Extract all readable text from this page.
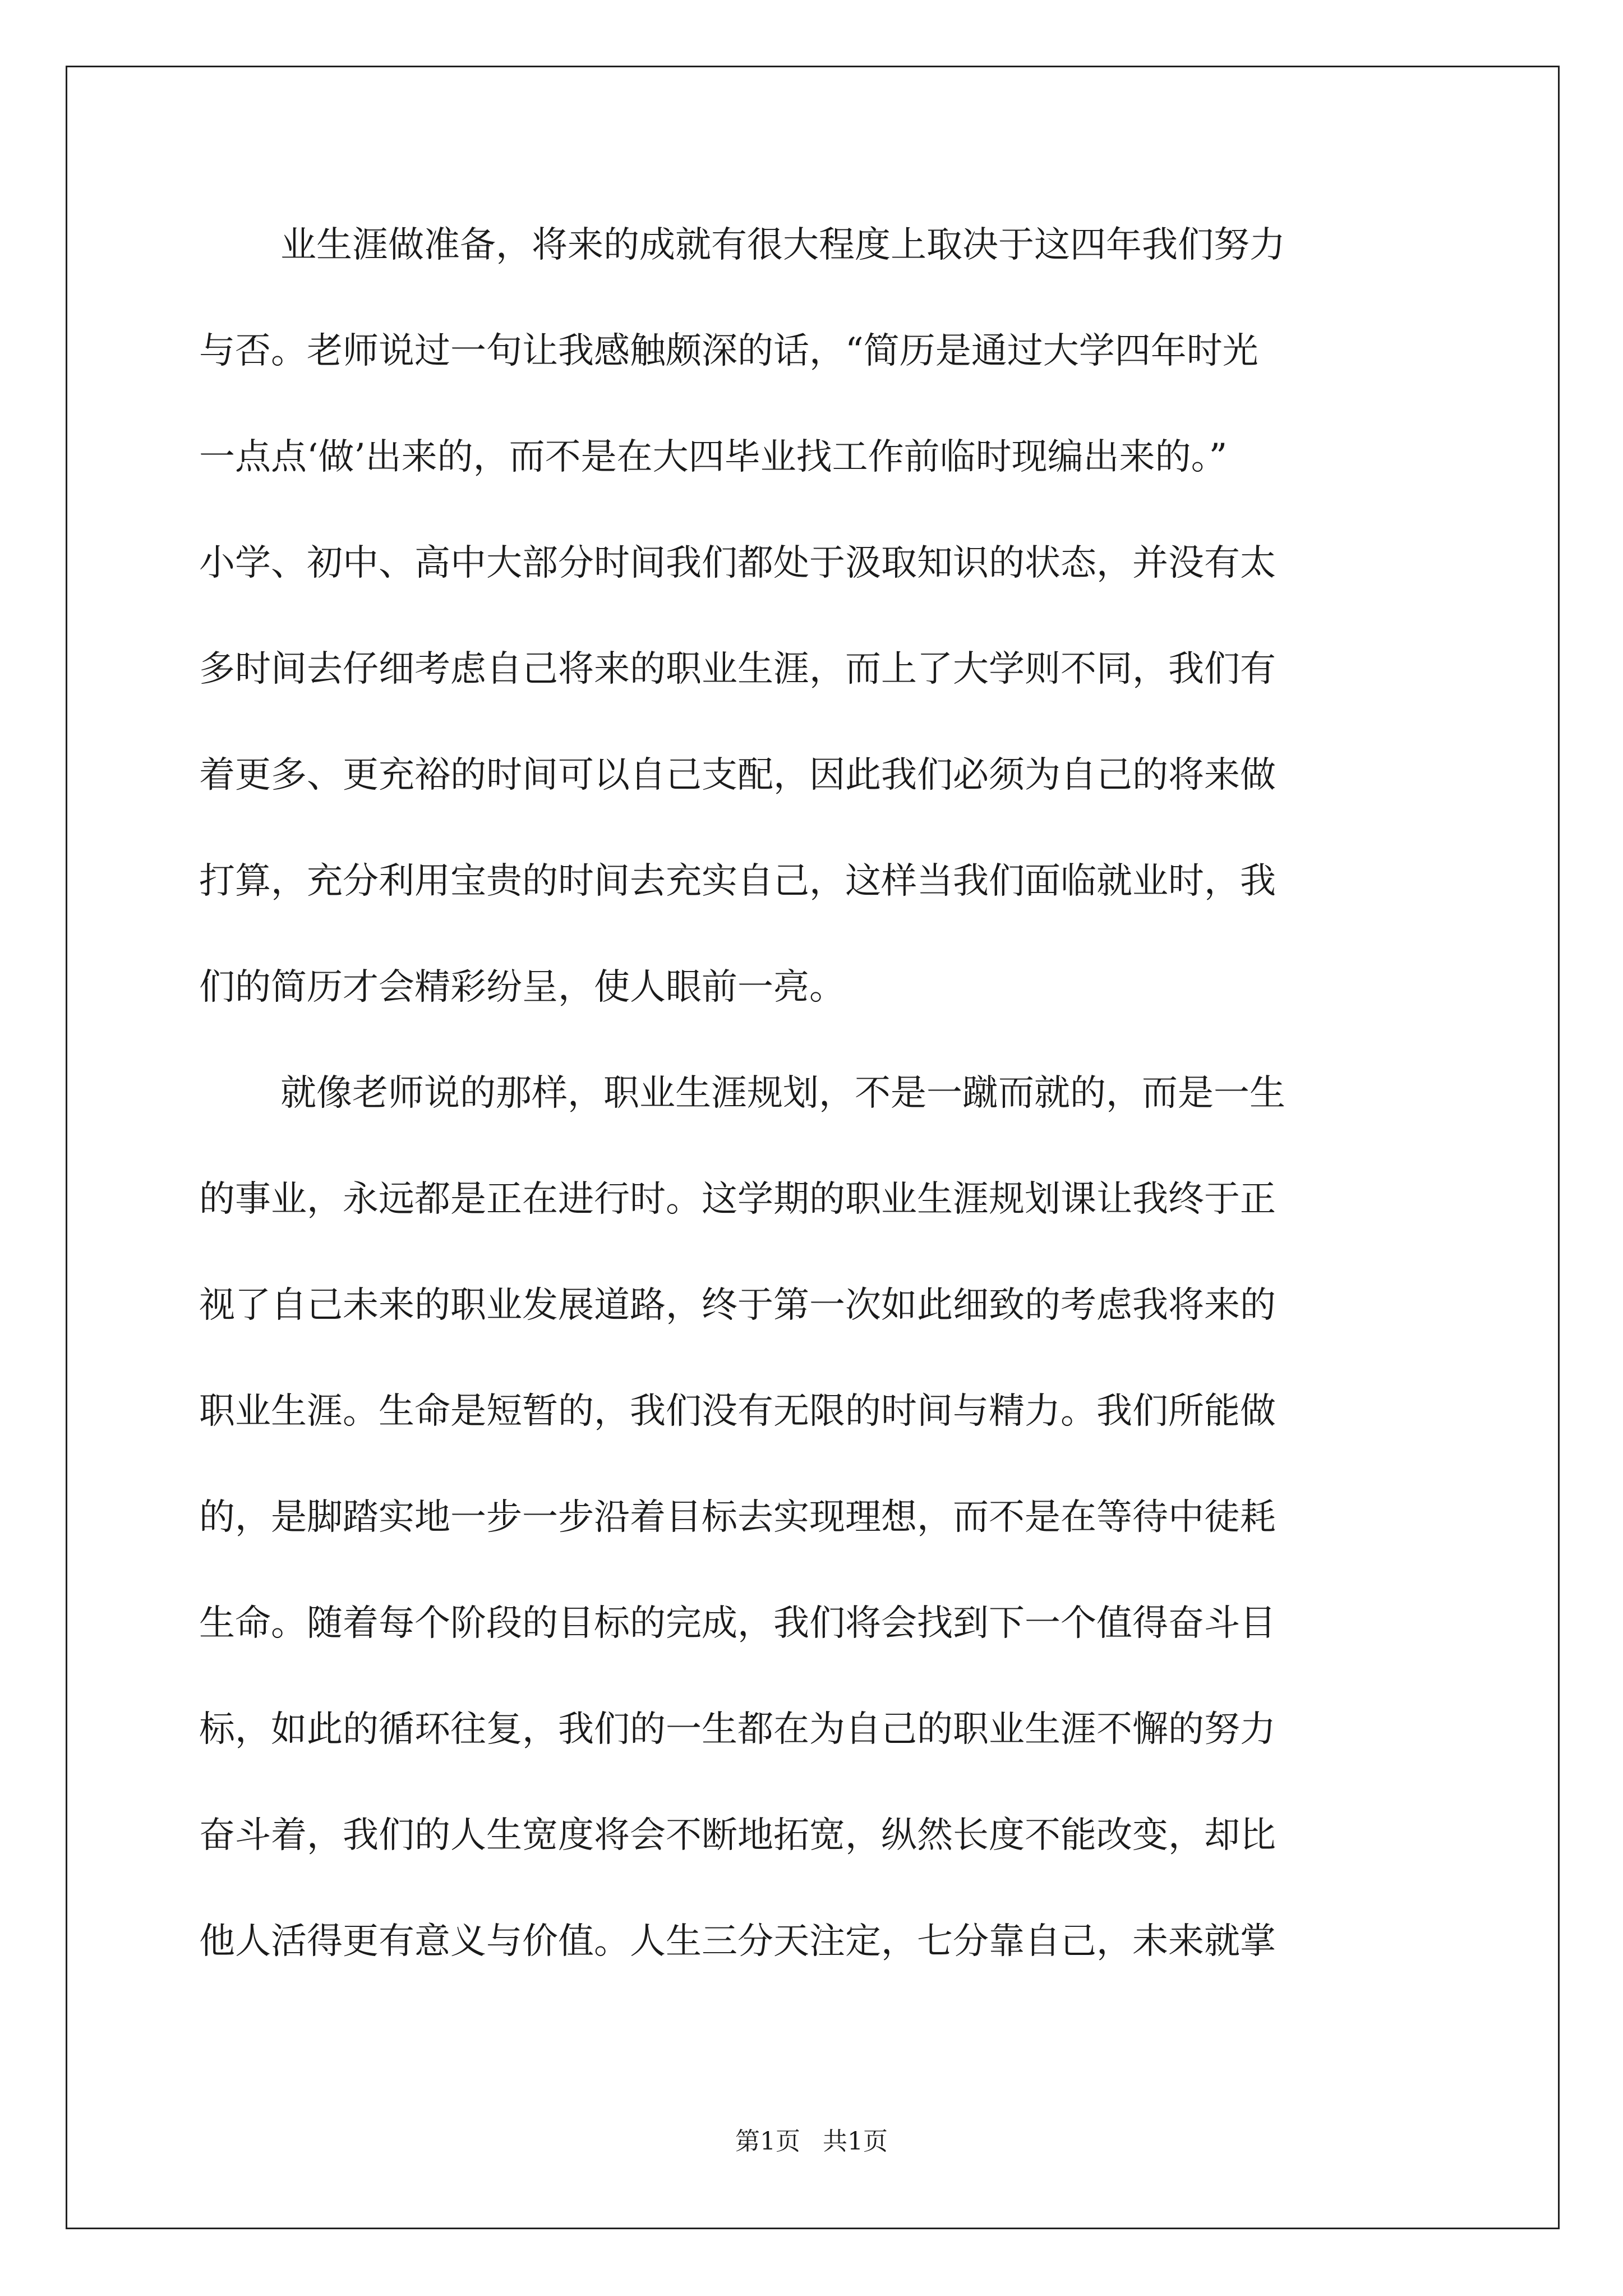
业生涯做准备，将来的成就有很大程度上取决于这四年我们努力
与否。老师说过一句让我感触颇深的话，“简历是通过大学四年时光
一点点‘做’出来的，而不是在大四毕业找工作前临时现编出来的。”
小学、初中、高中大部分时间我们都处于汲取知识的状态，并没有太
多时间去仔细考虑自己将来的职业生涯，而上了大学则不同，我们有
着更多、更充裕的时间可以自己支配，因此我们必须为自己的将来做
打算，充分利用宝贵的时间去充实自己，这样当我们面临就业时，我
们的简历才会精彩纷呈，使人眼前一亮。
就像老师说的那样，职业生涯规划，不是一蹴而就的，而是一生
的事业，永远都是正在进行时。这学期的职业生涯规划课让我终于正
视了自己未来的职业发展道路，终于第一次如此细致的考虑我将来的
职业生涯。生命是短暂的，我们没有无限的时间与精力。我们所能做
的，是脚踏实地一步一步沿着目标去实现理想，而不是在等待中徒耗
生命。随着每个阶段的目标的完成，我们将会找到下一个值得奋斗目
标，如此的循环往复，我们的一生都在为自己的职业生涯不懈的努力
奋斗着，我们的人生宽度将会不断地拓宽，纵然长度不能改变，却比
他人活得更有意义与价值。人生三分天注定，七分靠自己，未来就掌
第1页 共1页
